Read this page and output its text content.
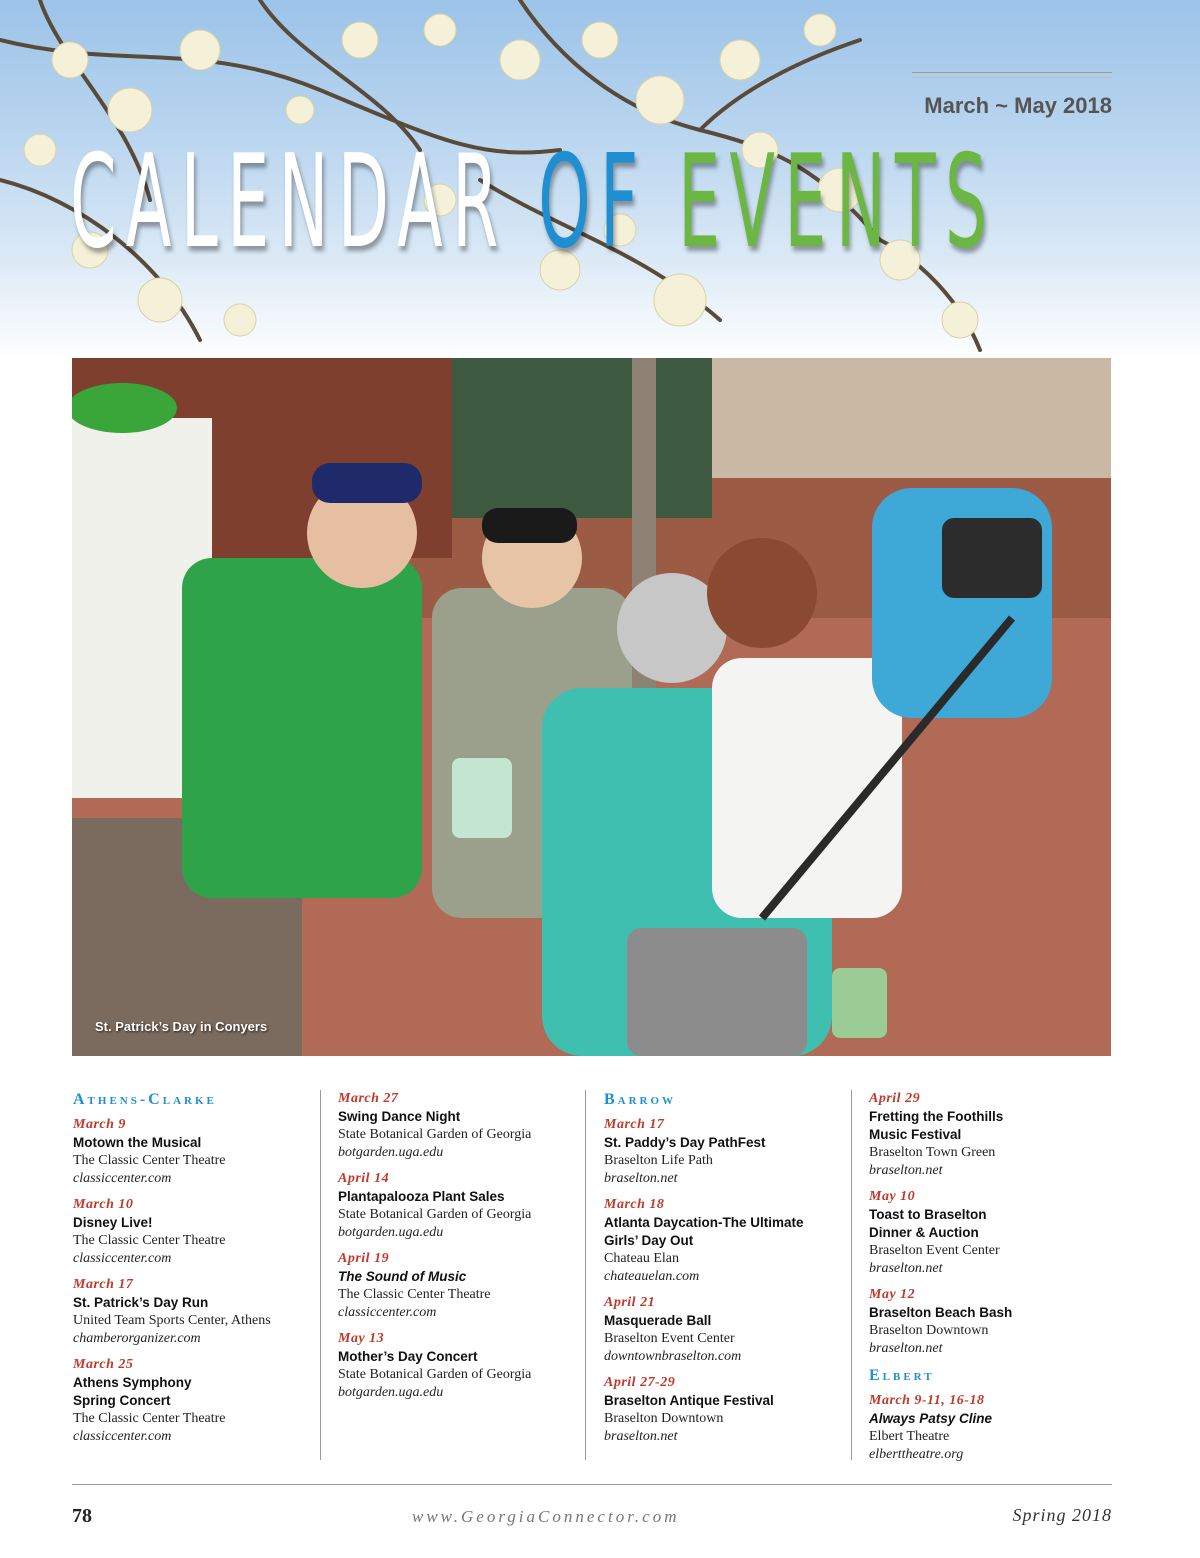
March ~ May 2018
CALENDAR OF EVENTS
St. Patrick’s Day in Conyers
Athens-Clarke
March 9
Motown the Musical
The Classic Center Theatre
classiccenter.com
March 10
Disney Live!
The Classic Center Theatre
classiccenter.com
March 17
St. Patrick’s Day Run
United Team Sports Center, Athens
chamberorganizer.com
March 25
Athens Symphony Spring Concert
The Classic Center Theatre
classiccenter.com
March 27
Swing Dance Night
State Botanical Garden of Georgia
botgarden.uga.edu
April 14
Plantapalooza Plant Sales
State Botanical Garden of Georgia
botgarden.uga.edu
April 19
The Sound of Music
The Classic Center Theatre
classiccenter.com
May 13
Mother’s Day Concert
State Botanical Garden of Georgia
botgarden.uga.edu
Barrow
March 17
St. Paddy’s Day PathFest
Braselton Life Path
braselton.net
March 18
Atlanta Daycation-The Ultimate Girls’ Day Out
Chateau Elan
chateauelan.com
April 21
Masquerade Ball
Braselton Event Center
downtownbraselton.com
April 27-29
Braselton Antique Festival
Braselton Downtown
braselton.net
April 29
Fretting the Foothills Music Festival
Braselton Town Green
braselton.net
May 10
Toast to Braselton Dinner & Auction
Braselton Event Center
braselton.net
May 12
Braselton Beach Bash
Braselton Downtown
braselton.net
Elbert
March 9-11, 16-18
Always Patsy Cline
Elbert Theatre
elberttheatre.org
78	www.GeorgiaConnector.com	Spring 2018
